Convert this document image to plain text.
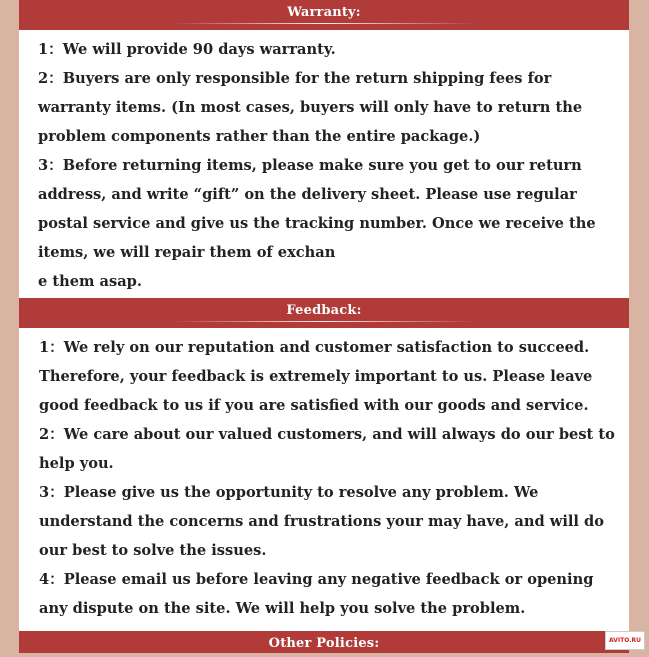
Warranty:

1：We will provide 90 days warranty.

2：Buyers are only responsible for the return shipping fees for warranty items. (In most cases, buyers will only have to return the problem components rather than the entire package.)

3：Before returning items, please make sure you get to our return address, and write “gift” on the delivery sheet. Please use regular postal service and give us the tracking number. Once we receive the items, we will repair them of exchan

e them asap.

Feedback:

1：We rely on our reputation and customer satisfaction to succeed. Therefore, your feedback is extremely important to us. Please leave good feedback to us if you are satisfied with our goods and service.

2：We care about our valued customers, and will always do our best to help you.

3：Please give us the opportunity to resolve any problem. We understand the concerns and frustrations your may have, and will do our best to solve the issues.

4：Please email us before leaving any negative feedback or opening any dispute on the site. We will help you solve the problem.

Other Policies:	AVITO.RU
